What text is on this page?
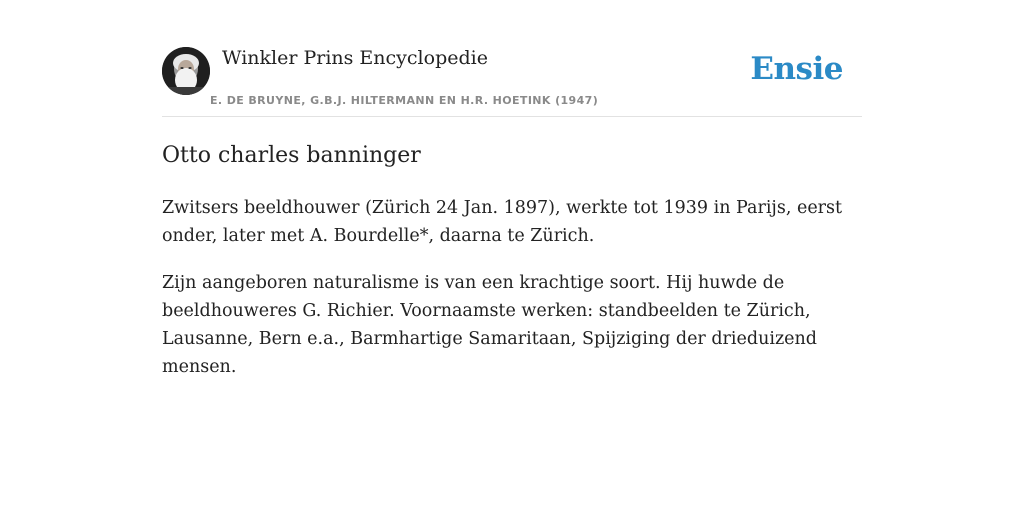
Winkler Prins Encyclopedie
E. DE BRUYNE, G.B.J. HILTERMANN EN H.R. HOETINK (1947)
Ensie
Otto charles banninger

Zwitsers beeldhouwer (Zürich 24 Jan. 1897), werkte tot 1939 in Parijs, eerst onder, later met A. Bourdelle*, daarna te Zürich.

Zijn aangeboren naturalisme is van een krachtige soort. Hij huwde de beeldhouweres G. Richier. Voornaamste werken: standbeelden te Zürich, Lausanne, Bern e.a., Barmhartige Samaritaan, Spijziging der drieduizend mensen.
